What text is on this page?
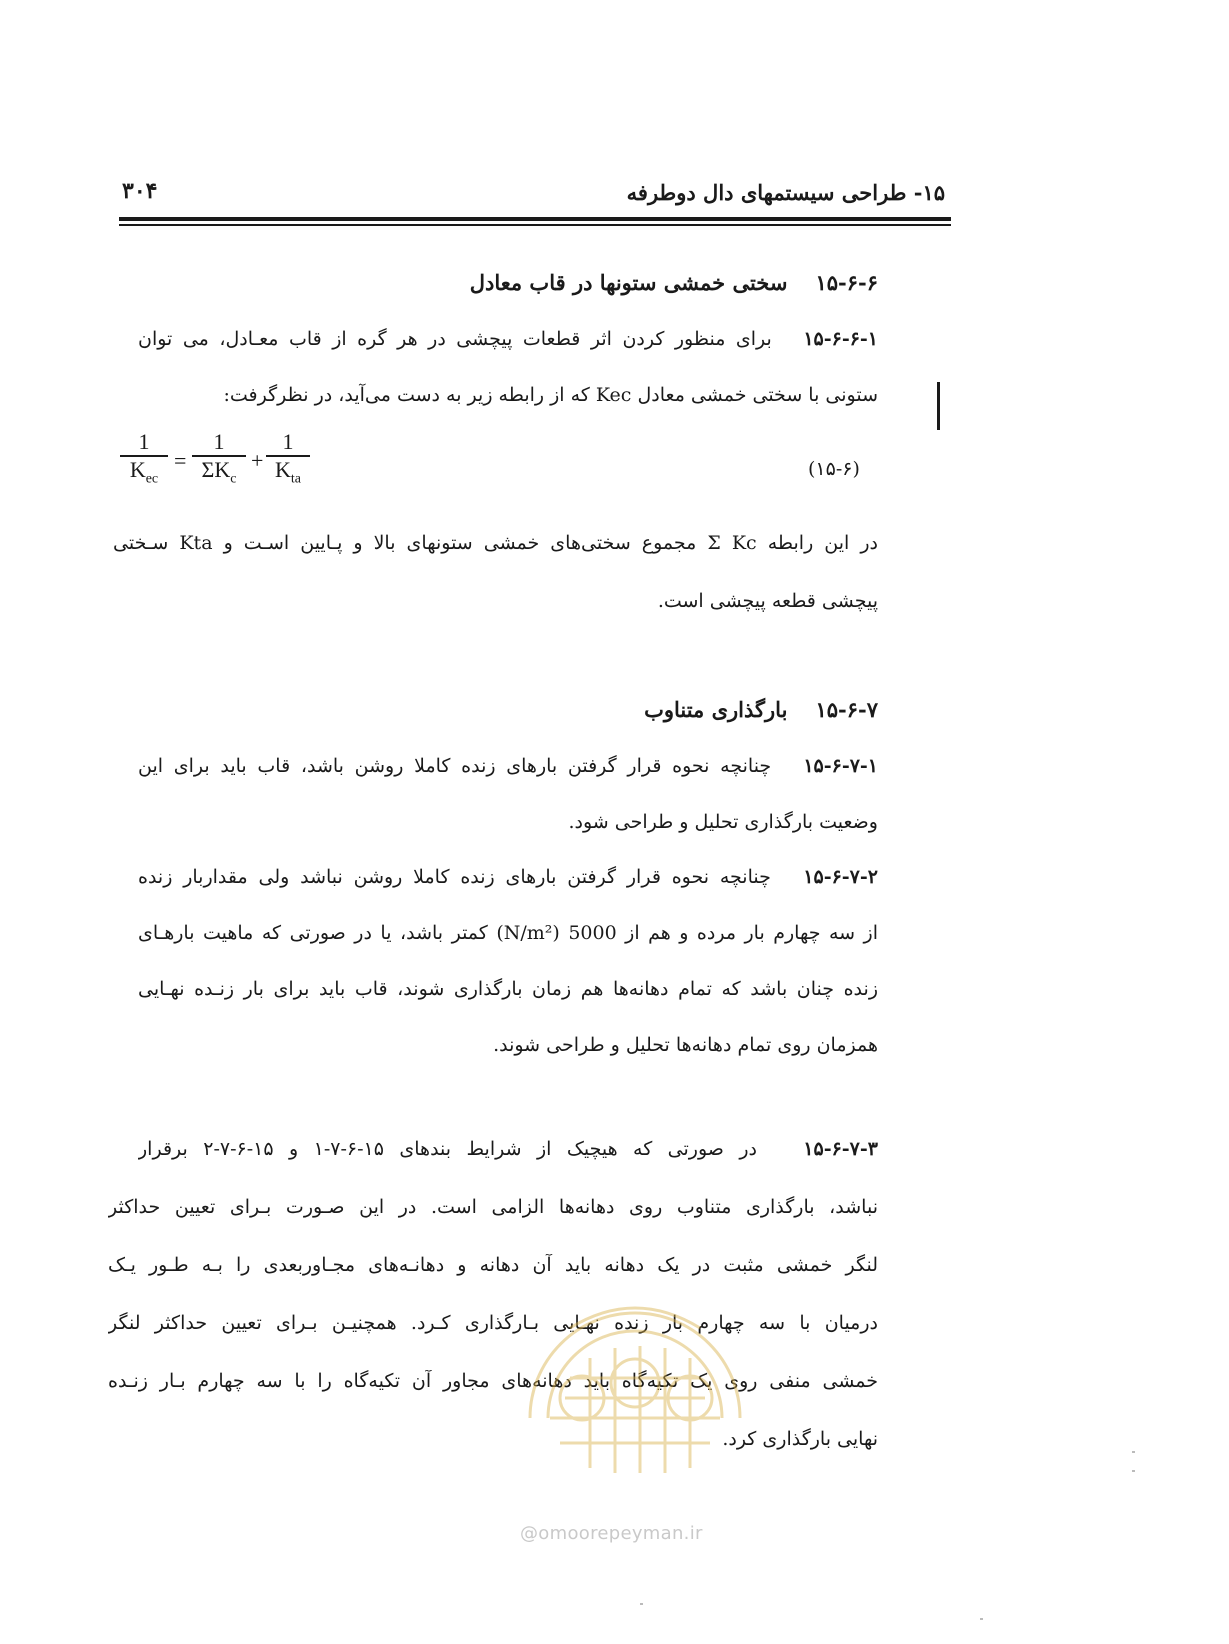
۱۵- طراحی سیستمهای دال دوطرفه
۳۰۴
۱۵-۶-۶سختی خمشی ستونها در قاب معادل
۱۵-۶-۶-۱   برای منظور کردن اثر قطعات پیچشی در هر گره از قاب معـادل، می توان
ستونی با سختی خمشی معادل Kec که از رابطه زیر به دست می‌آید، در نظرگرفت:
1
$K_{ec}$
=
1
$\Sigma K_c$
+
1
$K_{ta}$	(۱۵-۶)
در این رابطه Σ Kc مجموع سختی‌های خمشی ستونهای بالا و پـایین اسـت و Kta سـختی
پیچشی قطعه پیچشی است.
۱۵-۶-۷بارگذاری متناوب
۱۵-۶-۷-۱   چنانچه نحوه قرار گرفتن بارهای زنده کاملا روشن باشد، قاب باید برای این
وضعیت بارگذاری تحلیل و طراحی شود.
۱۵-۶-۷-۲   چنانچه نحوه قرار گرفتن بارهای زنده کاملا روشن نباشد ولی مقداربار زنده
از سه چهارم بار مرده و هم از 5000 (N/m²) کمتر باشد، یا در صورتی که ماهیت بارهـای
زنده چنان باشد که تمام دهانه‌ها هم زمان بارگذاری شوند، قاب باید برای بار زنـده نهـایی
همزمان روی تمام دهانه‌ها تحلیل و طراحی شوند.
۱۵-۶-۷-۳   در صورتی که هیچیک از شرایط بندهای ۱۵-۶-۷-۱ و ۱۵-۶-۷-۲ برقرار
نباشد، بارگذاری متناوب روی دهانه‌ها الزامی است. در این صـورت بـرای تعیین حداکثر
لنگر خمشی مثبت در یک دهانه باید آن دهانه و دهانـه‌های مجـاوربعدی را بـه طـور یـک
درمیان با سه چهارم بار زنده نهـایی بـارگذاری کـرد. همچنیـن بـرای تعیین حداکثر لنگر
خمشی منفی روی یک تکیه‌گاه باید دهانه‌های مجاور آن تکیه‌گاه را با سه چهارم بـار زنـده
نهایی بارگذاری کرد.
@omoorepeyman.ir
